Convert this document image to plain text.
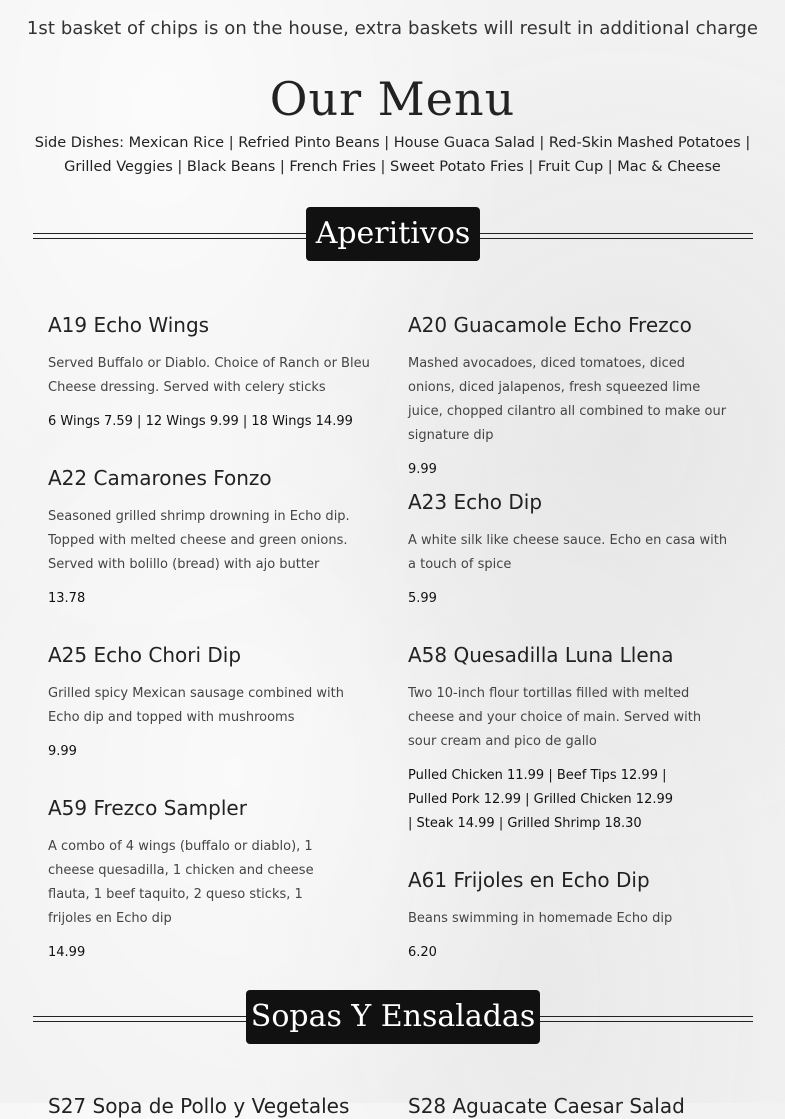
1st basket of chips is on the house, extra baskets will result in additional charge
Our Menu
Side Dishes: Mexican Rice | Refried Pinto Beans | House Guaca Salad | Red-Skin Mashed Potatoes | Grilled Veggies | Black Beans | French Fries | Sweet Potato Fries | Fruit Cup | Mac & Cheese
Aperitivos
A19 Echo Wings
Served Buffalo or Diablo. Choice of Ranch or Bleu Cheese dressing. Served with celery sticks
6 Wings 7.59 | 12 Wings 9.99 | 18 Wings 14.99
A20 Guacamole Echo Frezco
Mashed avocadoes, diced tomatoes, diced onions, diced jalapenos, fresh squeezed lime juice, chopped cilantro all combined to make our signature dip
9.99
A22 Camarones Fonzo
Seasoned grilled shrimp drowning in Echo dip. Topped with melted cheese and green onions. Served with bolillo (bread) with ajo butter
13.78
A23 Echo Dip
A white silk like cheese sauce. Echo en casa with a touch of spice
5.99
A25 Echo Chori Dip
Grilled spicy Mexican sausage combined with Echo dip and topped with mushrooms
9.99
A58 Quesadilla Luna Llena
Two 10-inch flour tortillas filled with melted cheese and your choice of main. Served with sour cream and pico de gallo
Pulled Chicken 11.99 | Beef Tips 12.99 | Pulled Pork 12.99 | Grilled Chicken 12.99 | Steak 14.99 | Grilled Shrimp 18.30
A59 Frezco Sampler
A combo of 4 wings (buffalo or diablo), 1 cheese quesadilla, 1 chicken and cheese flauta, 1 beef taquito, 2 queso sticks, 1 frijoles en Echo dip
14.99
A61 Frijoles en Echo Dip
Beans swimming in homemade Echo dip
6.20
Sopas Y Ensaladas
S27 Sopa de Pollo y Vegetales	S28 Aguacate Caesar Salad
